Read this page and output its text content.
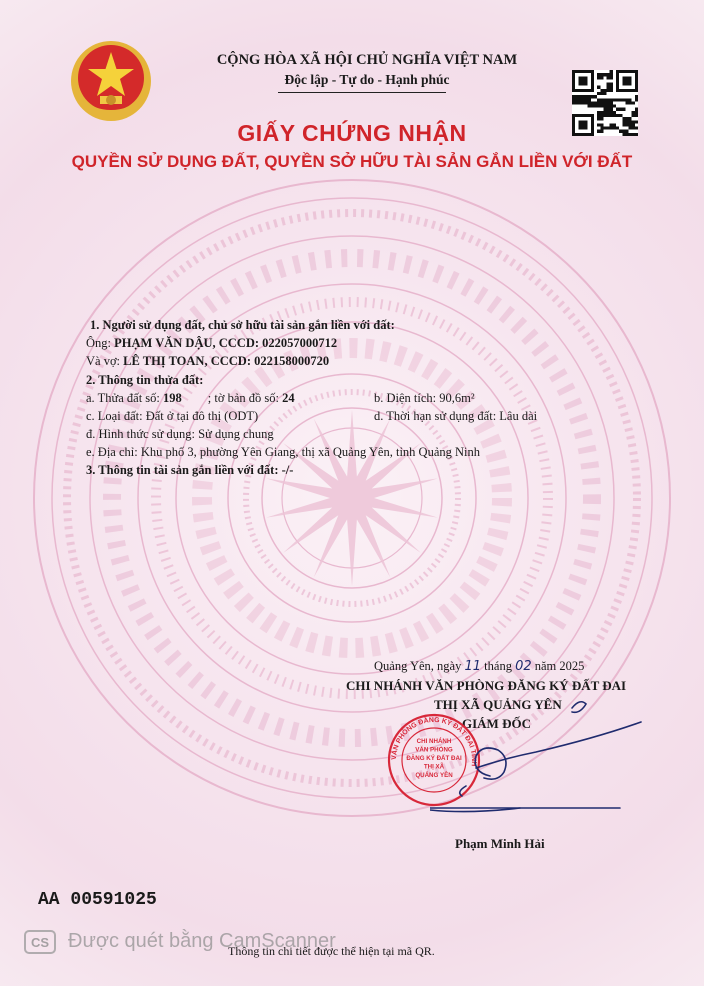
CỘNG HÒA XÃ HỘI CHỦ NGHĨA VIỆT NAM
Độc lập - Tự do - Hạnh phúc
GIẤY CHỨNG NHẬN
QUYỀN SỬ DỤNG ĐẤT, QUYỀN SỞ HỮU TÀI SẢN GẮN LIỀN VỚI ĐẤT
1. Người sử dụng đất, chủ sở hữu tài sản gắn liền với đất:
Ông: PHẠM VĂN DẬU, CCCD: 022057000712
Và vợ: LÊ THỊ TOAN, CCCD: 022158000720
2. Thông tin thửa đất:
a. Thửa đất số: 198 ; tờ bản đồ số: 24	b. Diện tích: 90,6m²
c. Loại đất: Đất ở tại đô thị (ODT)	d. Thời hạn sử dụng đất: Lâu dài
đ. Hình thức sử dụng: Sử dụng chung
e. Địa chỉ: Khu phố 3, phường Yên Giang, thị xã Quảng Yên, tỉnh Quảng Ninh
3. Thông tin tài sản gắn liền với đất: -/-
Quảng Yên, ngày 11 tháng 02 năm 2025
CHI NHÁNH VĂN PHÒNG ĐĂNG KÝ ĐẤT ĐAI
THỊ XÃ QUẢNG YÊN
GIÁM ĐỐC
VĂN PHÒNG ĐĂNG KÝ ĐẤT ĐAI TỈNH
CHI NHÁNH
VĂN PHÒNG
ĐĂNG KÝ ĐẤT ĐAI
THỊ XÃ
QUẢNG YÊN
Phạm Minh Hải
AA 00591025
Thông tin chi tiết được thể hiện tại mã QR.
CS Được quét bằng CamScanner
